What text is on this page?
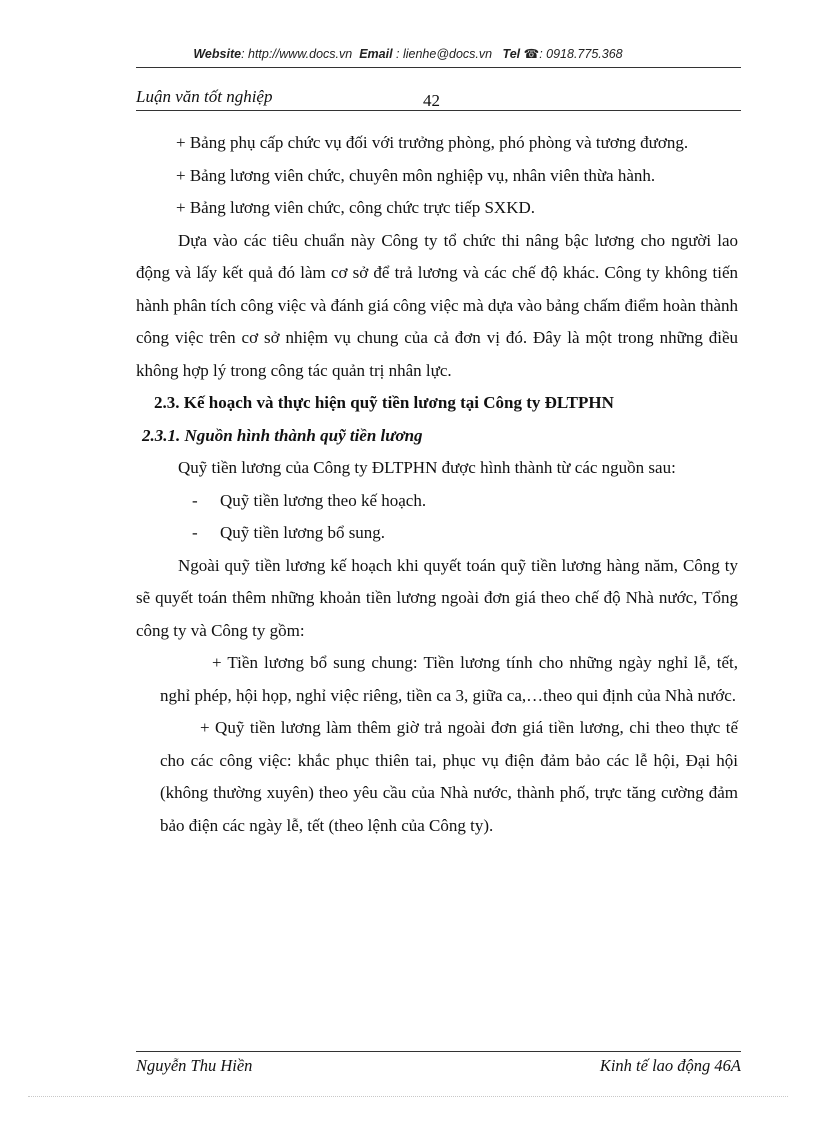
Website: http://www.docs.vn Email : lienhe@docs.vn Tel ☎: 0918.775.368
Luận văn tốt nghiệp	42

+ Bảng phụ cấp chức vụ đối với trưởng phòng, phó phòng và tương đương.

+ Bảng lương viên chức, chuyên môn nghiệp vụ, nhân viên thừa hành.

+ Bảng lương viên chức, công chức trực tiếp SXKD.

Dựa vào các tiêu chuẩn này Công ty tổ chức thi nâng bậc lương cho người lao động và lấy kết quả đó làm cơ sở để trả lương và các chế độ khác. Công ty không tiến hành phân tích công việc và đánh giá công việc mà dựa vào bảng chấm điểm hoàn thành công việc trên cơ sở nhiệm vụ chung của cả đơn vị đó. Đây là một trong những điều không hợp lý trong công tác quản trị nhân lực.

2.3. Kế hoạch và thực hiện quỹ tiền lương tại Công ty ĐLTPHN

2.3.1. Nguồn hình thành quỹ tiền lương

Quỹ tiền lương của Công ty ĐLTPHN được hình thành từ các nguồn sau:

- Quỹ tiền lương theo kế hoạch.

- Quỹ tiền lương bổ sung.

Ngoài quỹ tiền lương kế hoạch khi quyết toán quỹ tiền lương hàng năm, Công ty sẽ quyết toán thêm những khoản tiền lương ngoài đơn giá theo chế độ Nhà nước, Tổng công ty và Công ty gồm:

+ Tiền lương bổ sung chung: Tiền lương tính cho những ngày nghỉ lễ, tết, nghỉ phép, hội họp, nghỉ việc riêng, tiền ca 3, giữa ca,…theo qui định của Nhà nước.

+ Quỹ tiền lương làm thêm giờ trả ngoài đơn giá tiền lương, chi theo thực tế cho các công việc: khắc phục thiên tai, phục vụ điện đảm bảo các lễ hội, Đại hội (không thường xuyên) theo yêu cầu của Nhà nước, thành phố, trực tăng cường đảm bảo điện các ngày lễ, tết (theo lệnh của Công ty).

Nguyễn Thu Hiền	Kinh tế lao động 46A
